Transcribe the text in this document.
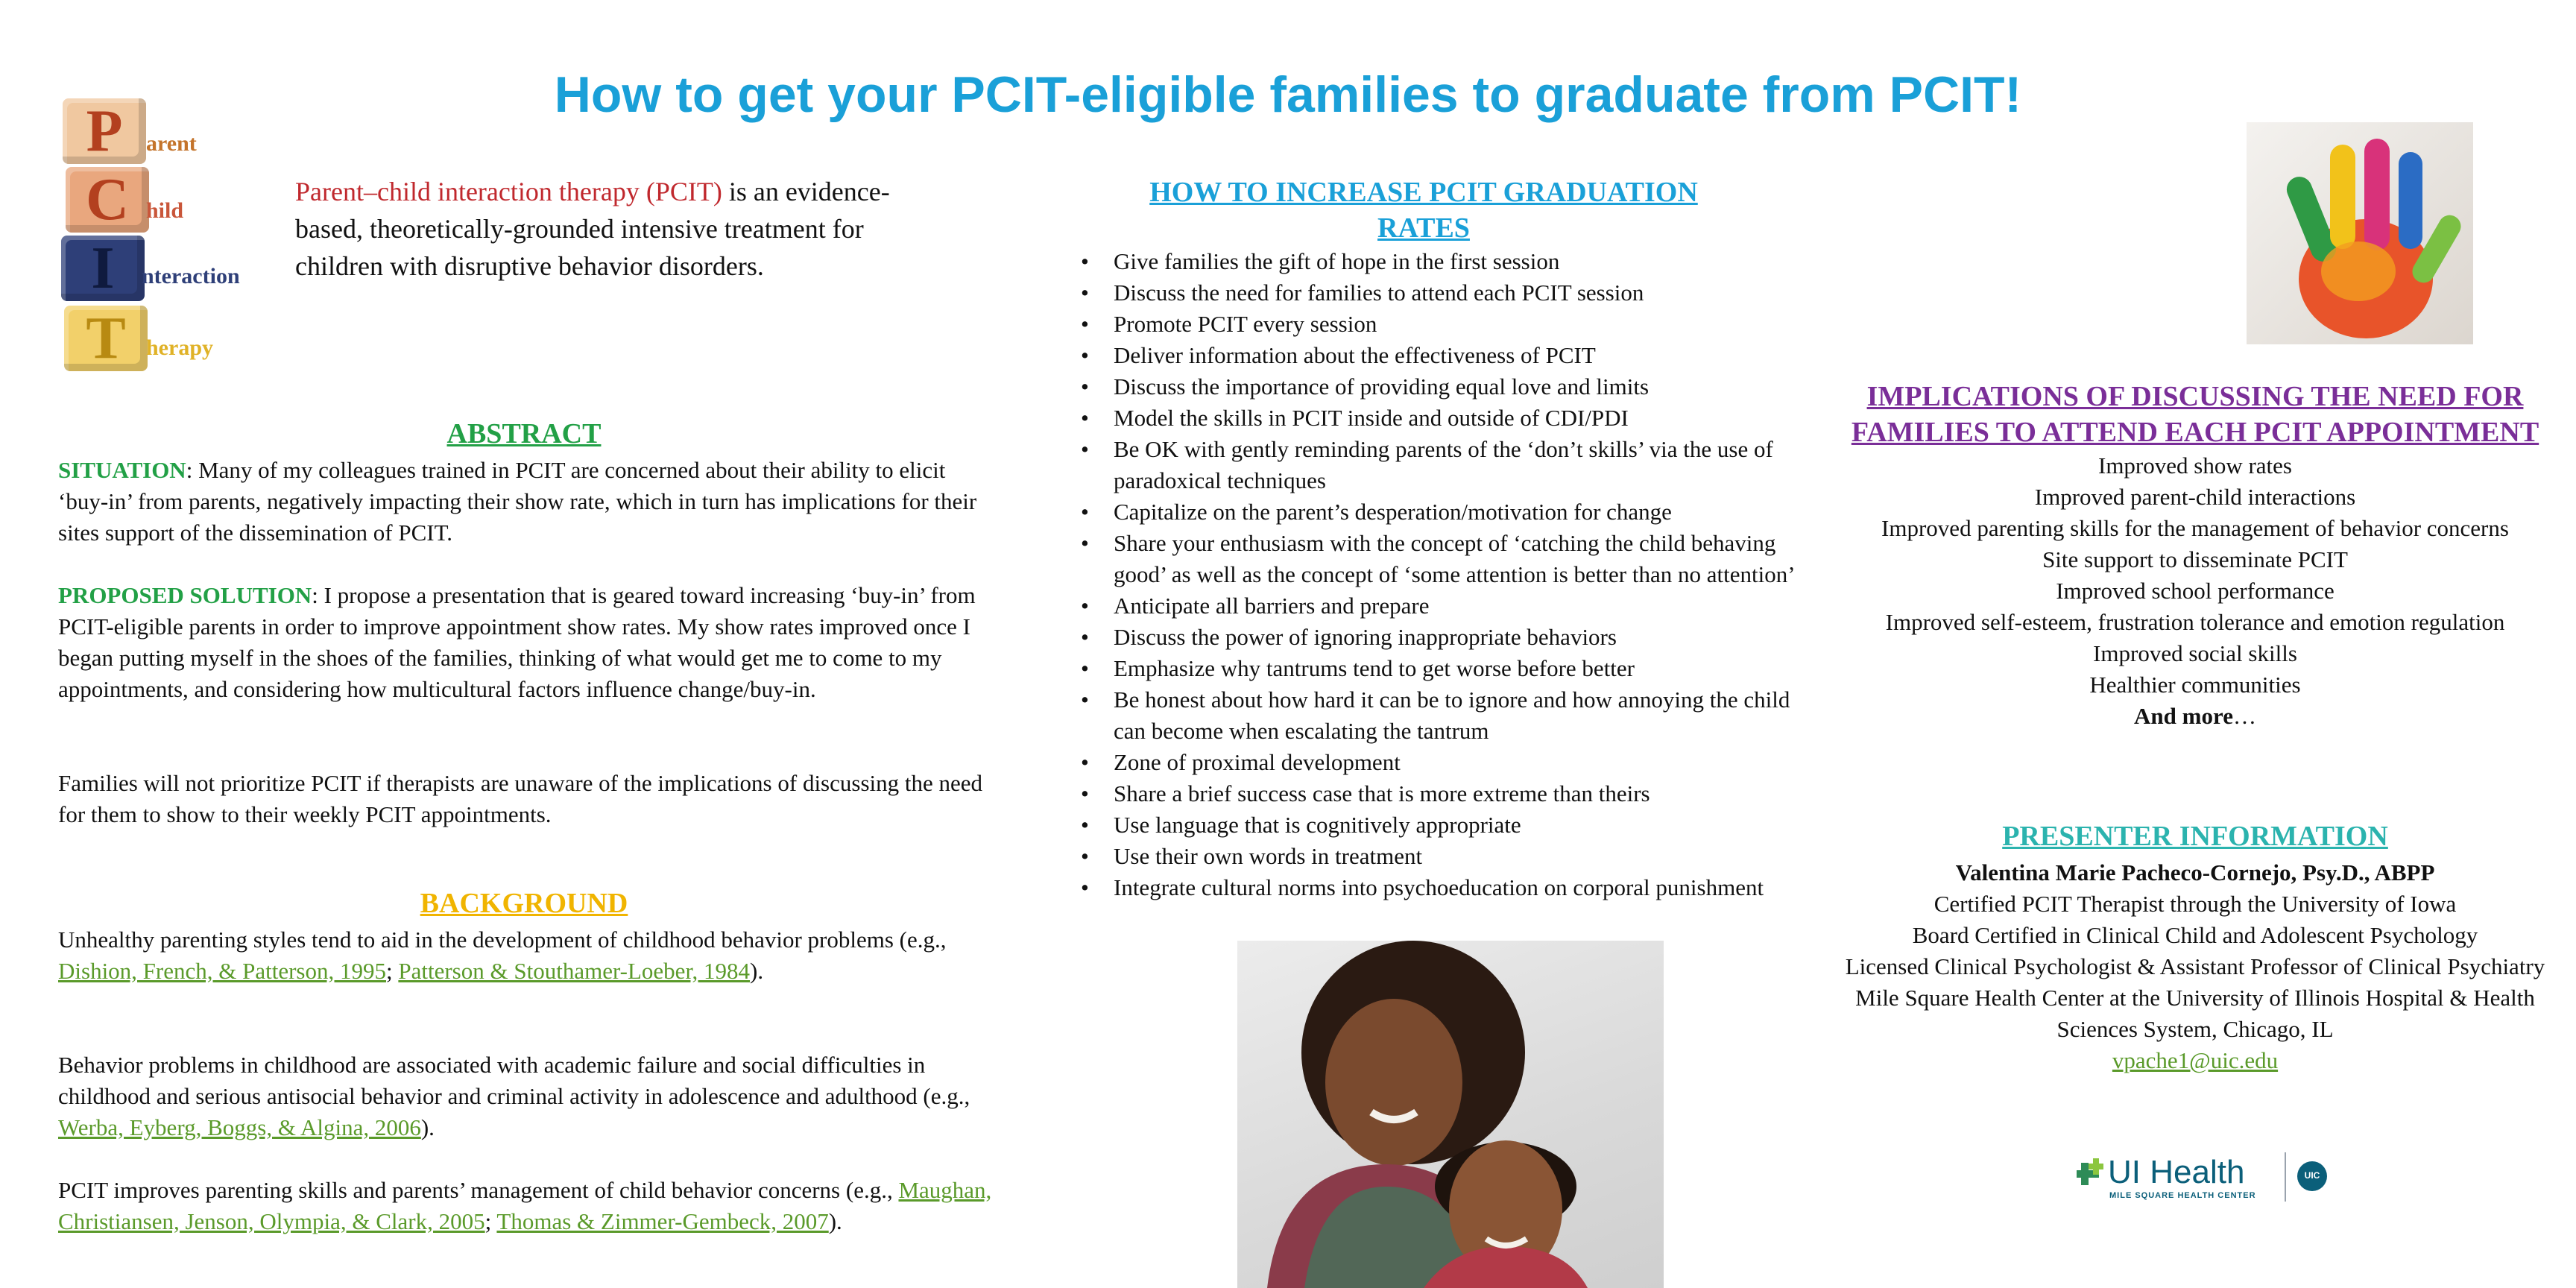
How to get your PCIT-eligible families to graduate from PCIT!
P	arent
C hild
I	nteraction
T herapy
Parent–child interaction therapy (PCIT) is an evidence-based, theoretically-grounded intensive treatment for children with disruptive behavior disorders.
ABSTRACT

SITUATION: Many of my colleagues trained in PCIT are concerned about their ability to elicit ‘buy-in’ from parents, negatively impacting their show rate, which in turn has implications for their sites support of the dissemination of PCIT.

PROPOSED SOLUTION: I propose a presentation that is geared toward increasing ‘buy-in’ from PCIT-eligible parents in order to improve appointment show rates. My show rates improved once I began putting myself in the shoes of the families, thinking of what would get me to come to my appointments, and considering how multicultural factors influence change/buy-in.

Families will not prioritize PCIT if therapists are unaware of the implications of discussing the need for them to show to their weekly PCIT appointments.
BACKGROUND

Unhealthy parenting styles tend to aid in the development of childhood behavior problems (e.g., Dishion, French, & Patterson, 1995; Patterson & Stouthamer-Loeber, 1984).

Behavior problems in childhood are associated with academic failure and social difficulties in childhood and serious antisocial behavior and criminal activity in adolescence and adulthood (e.g., Werba, Eyberg, Boggs, & Algina, 2006).

PCIT improves parenting skills and parents’ management of child behavior concerns (e.g., Maughan, Christiansen, Jenson, Olympia, & Clark, 2005; Thomas & Zimmer-Gembeck, 2007).

HOW TO INCREASE PCIT GRADUATION
RATES
• Give families the gift of hope in the first session
• Discuss the need for families to attend each PCIT session
• Promote PCIT every session
• Deliver information about the effectiveness of PCIT
• Discuss the importance of providing equal love and limits
• Model the skills in PCIT inside and outside of CDI/PDI
• Be OK with gently reminding parents of the ‘don’t skills’ via the use of paradoxical techniques
• Capitalize on the parent’s desperation/motivation for change
• Share your enthusiasm with the concept of ‘catching the child behaving good’ as well as the concept of ‘some attention is better than no attention’
• Anticipate all barriers and prepare
• Discuss the power of ignoring inappropriate behaviors
• Emphasize why tantrums tend to get worse before better
• Be honest about how hard it can be to ignore and how annoying the child can become when escalating the tantrum
• Zone of proximal development
• Share a brief success case that is more extreme than theirs
• Use language that is cognitively appropriate
• Use their own words in treatment
• Integrate cultural norms into psychoeducation on corporal punishment
IMPLICATIONS OF DISCUSSING THE NEED FOR
FAMILIES TO ATTEND EACH PCIT APPOINTMENT
Improved show rates
Improved parent-child interactions
Improved parenting skills for the management of behavior concerns
Site support to disseminate PCIT
Improved school performance
Improved self-esteem, frustration tolerance and emotion regulation
Improved social skills
Healthier communities
And more…
PRESENTER INFORMATION
Valentina Marie Pacheco-Cornejo, Psy.D., ABPP
Certified PCIT Therapist through the University of Iowa
Board Certified in Clinical Child and Adolescent Psychology
Licensed Clinical Psychologist & Assistant Professor of Clinical Psychiatry
Mile Square Health Center at the University of Illinois Hospital & Health Sciences System, Chicago, IL
vpache1@uic.edu
UI Health
MILE SQUARE HEALTH CENTER
UIC
